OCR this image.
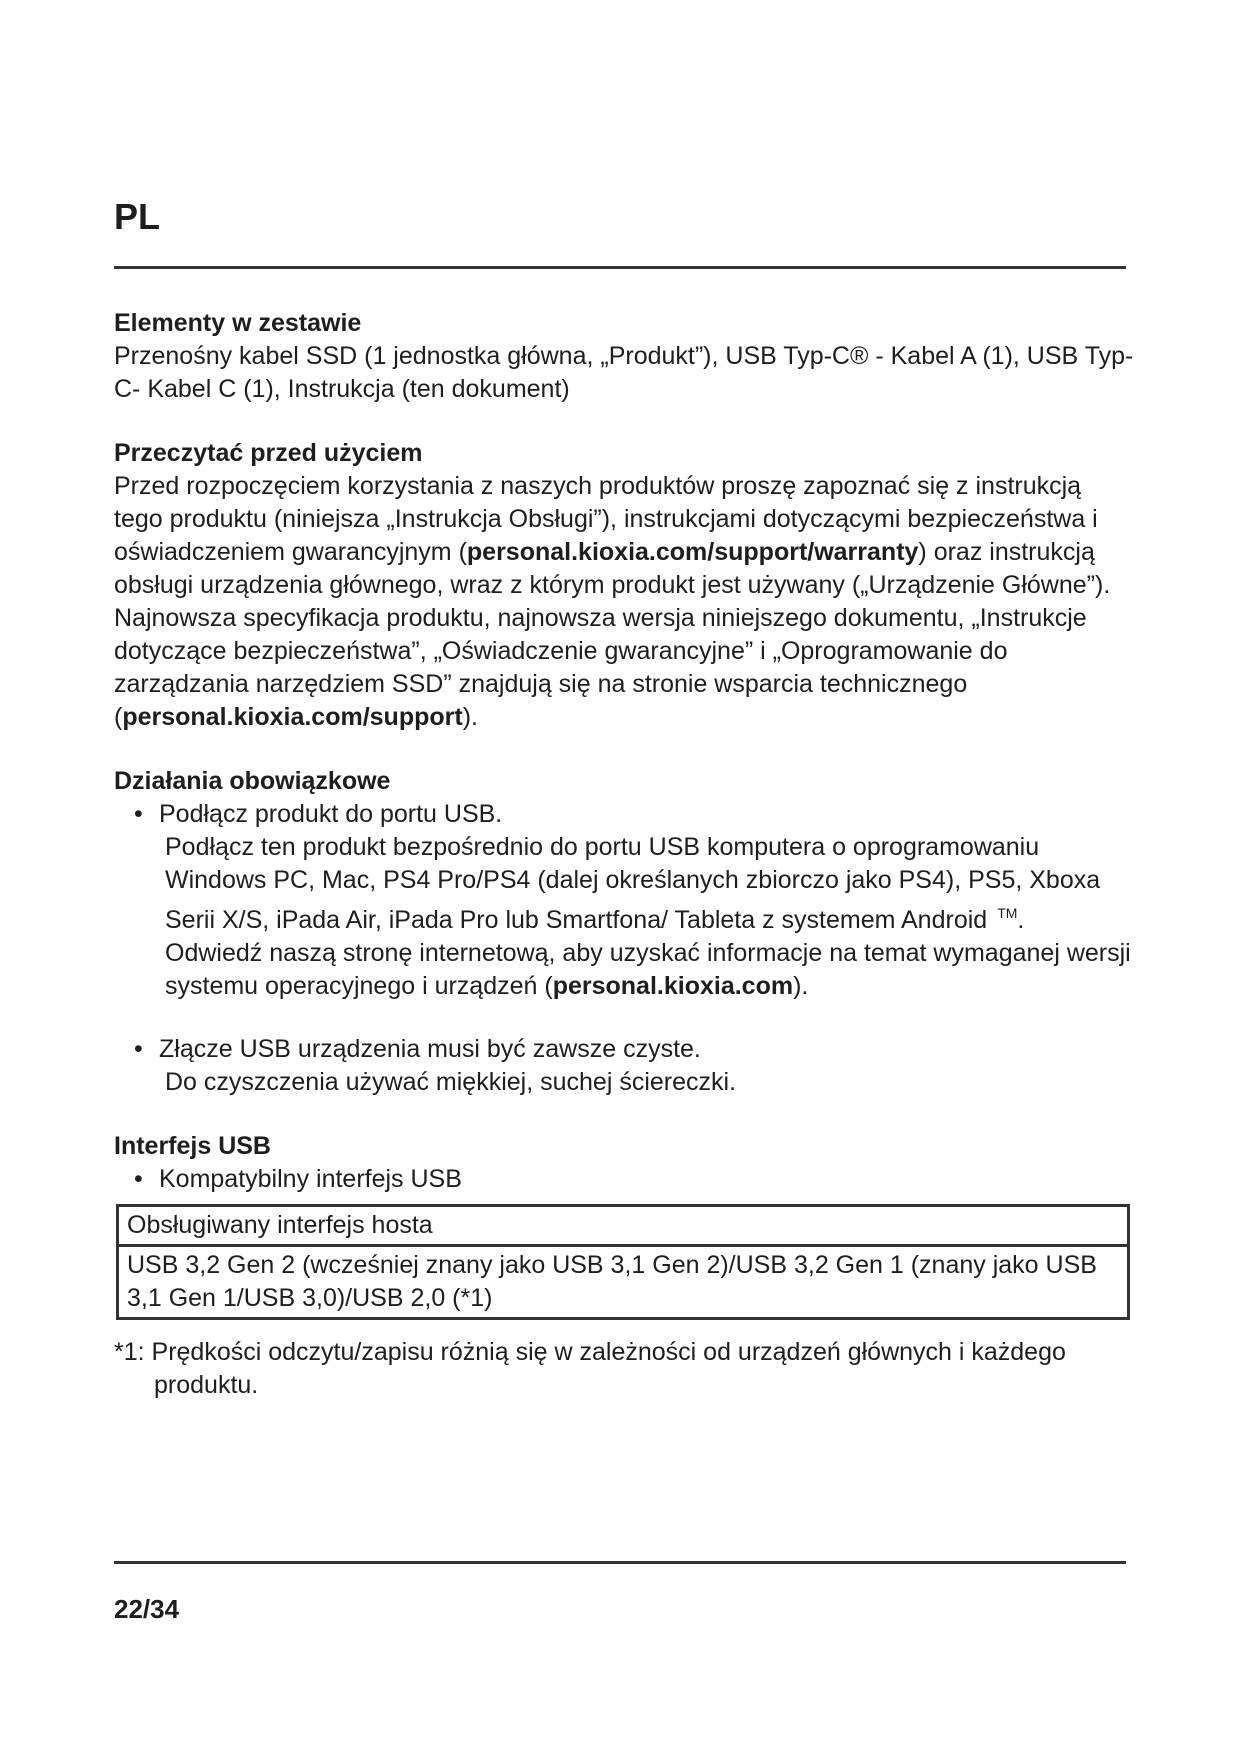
PL
Elementy w zestawie

Przenośny kabel SSD (1 jednostka główna, „Produkt”), USB Typ-C® - Kabel A (1), USB Typ-C- Kabel C (1), Instrukcja (ten dokument)

Przeczytać przed użyciem

Przed rozpoczęciem korzystania z naszych produktów proszę zapoznać się z instrukcją tego produktu (niniejsza „Instrukcja Obsługi”), instrukcjami dotyczącymi bezpieczeństwa i oświadczeniem gwarancyjnym (personal.kioxia.com/support/warranty) oraz instrukcją obsługi urządzenia głównego, wraz z którym produkt jest używany („Urządzenie Główne”).

Najnowsza specyfikacja produktu, najnowsza wersja niniejszego dokumentu, „Instrukcje dotyczące bezpieczeństwa”, „Oświadczenie gwarancyjne” i „Oprogramowanie do zarządzania narzędziem SSD” znajdują się na stronie wsparcia technicznego (personal.kioxia.com/support).

Działania obowiązkowe
• Podłącz produkt do portu USB.
Podłącz ten produkt bezpośrednio do portu USB komputera o oprogramowaniu Windows PC, Mac, PS4 Pro/PS4 (dalej określanych zbiorczo jako PS4), PS5, Xboxa Serii X/S, iPada Air, iPada Pro lub Smartfona/ Tableta z systemem Android ™.
Odwiedź naszą stronę internetową, aby uzyskać informacje na temat wymaganej wersji systemu operacyjnego i urządzeń (personal.kioxia.com).
• Złącze USB urządzenia musi być zawsze czyste.
Do czyszczenia używać miękkiej, suchej ściereczki.
Interfejs USB
• Kompatybilny interfejs USB
Obsługiwany interfejs hosta
USB 3,2 Gen 2 (wcześniej znany jako USB 3,1 Gen 2)/USB 3,2 Gen 1 (znany jako USB 3,1 Gen 1/USB 3,0)/USB 2,0 (*1)

*1: Prędkości odczytu/zapisu różnią się w zależności od urządzeń głównych i każdego produktu.

22/34
